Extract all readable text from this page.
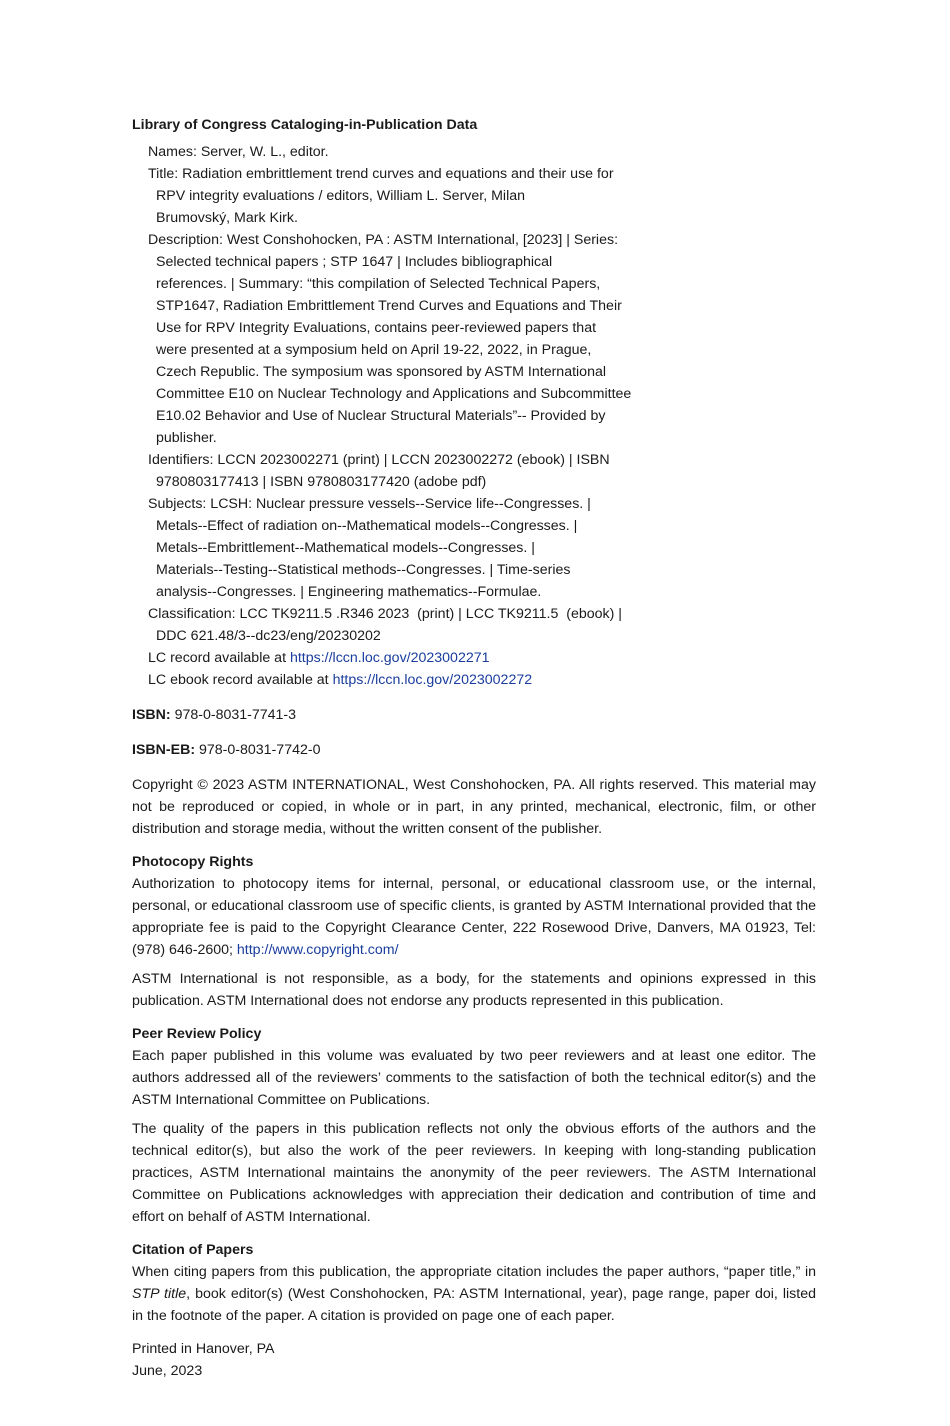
Library of Congress Cataloging-in-Publication Data
Names: Server, W. L., editor.
Title: Radiation embrittlement trend curves and equations and their use for
RPV integrity evaluations / editors, William L. Server, Milan
Brumovský, Mark Kirk.
Description: West Conshohocken, PA : ASTM International, [2023] | Series:
Selected technical papers ; STP 1647 | Includes bibliographical
references. | Summary: “this compilation of Selected Technical Papers,
STP1647, Radiation Embrittlement Trend Curves and Equations and Their
Use for RPV Integrity Evaluations, contains peer-reviewed papers that
were presented at a symposium held on April 19-22, 2022, in Prague,
Czech Republic. The symposium was sponsored by ASTM International
Committee E10 on Nuclear Technology and Applications and Subcommittee
E10.02 Behavior and Use of Nuclear Structural Materials”-- Provided by
publisher.
Identifiers: LCCN 2023002271 (print) | LCCN 2023002272 (ebook) | ISBN
9780803177413 | ISBN 9780803177420 (adobe pdf)
Subjects: LCSH: Nuclear pressure vessels--Service life--Congresses. |
Metals--Effect of radiation on--Mathematical models--Congresses. |
Metals--Embrittlement--Mathematical models--Congresses. |
Materials--Testing--Statistical methods--Congresses. | Time-series
analysis--Congresses. | Engineering mathematics--Formulae.
Classification: LCC TK9211.5 .R346 2023  (print) | LCC TK9211.5  (ebook) |
DDC 621.48/3--dc23/eng/20230202
LC record available at https://lccn.loc.gov/2023002271
LC ebook record available at https://lccn.loc.gov/2023002272
ISBN: 978-0-8031-7741-3
ISBN-EB: 978-0-8031-7742-0

Copyright © 2023 ASTM INTERNATIONAL, West Conshohocken, PA. All rights reserved. This material may not be reproduced or copied, in whole or in part, in any printed, mechanical, electronic, film, or other distribution and storage media, without the written consent of the publisher.

Photocopy Rights

Authorization to photocopy items for internal, personal, or educational classroom use, or the internal, personal, or educational classroom use of specific clients, is granted by ASTM International provided that the appropriate fee is paid to the Copyright Clearance Center, 222 Rosewood Drive, Danvers, MA 01923, Tel: (978) 646-2600; http://www.copyright.com/

ASTM International is not responsible, as a body, for the statements and opinions expressed in this publication. ASTM International does not endorse any products represented in this publication.

Peer Review Policy

Each paper published in this volume was evaluated by two peer reviewers and at least one editor. The authors addressed all of the reviewers’ comments to the satisfaction of both the technical editor(s) and the ASTM International Committee on Publications.

The quality of the papers in this publication reflects not only the obvious efforts of the authors and the technical editor(s), but also the work of the peer reviewers. In keeping with long-standing publication practices, ASTM International maintains the anonymity of the peer reviewers. The ASTM International Committee on Publications acknowledges with appreciation their dedication and contribution of time and effort on behalf of ASTM International.

Citation of Papers

When citing papers from this publication, the appropriate citation includes the paper authors, “paper title,” in STP title, book editor(s) (West Conshohocken, PA: ASTM International, year), page range, paper doi, listed in the footnote of the paper. A citation is provided on page one of each paper.

Printed in Hanover, PA
June, 2023
